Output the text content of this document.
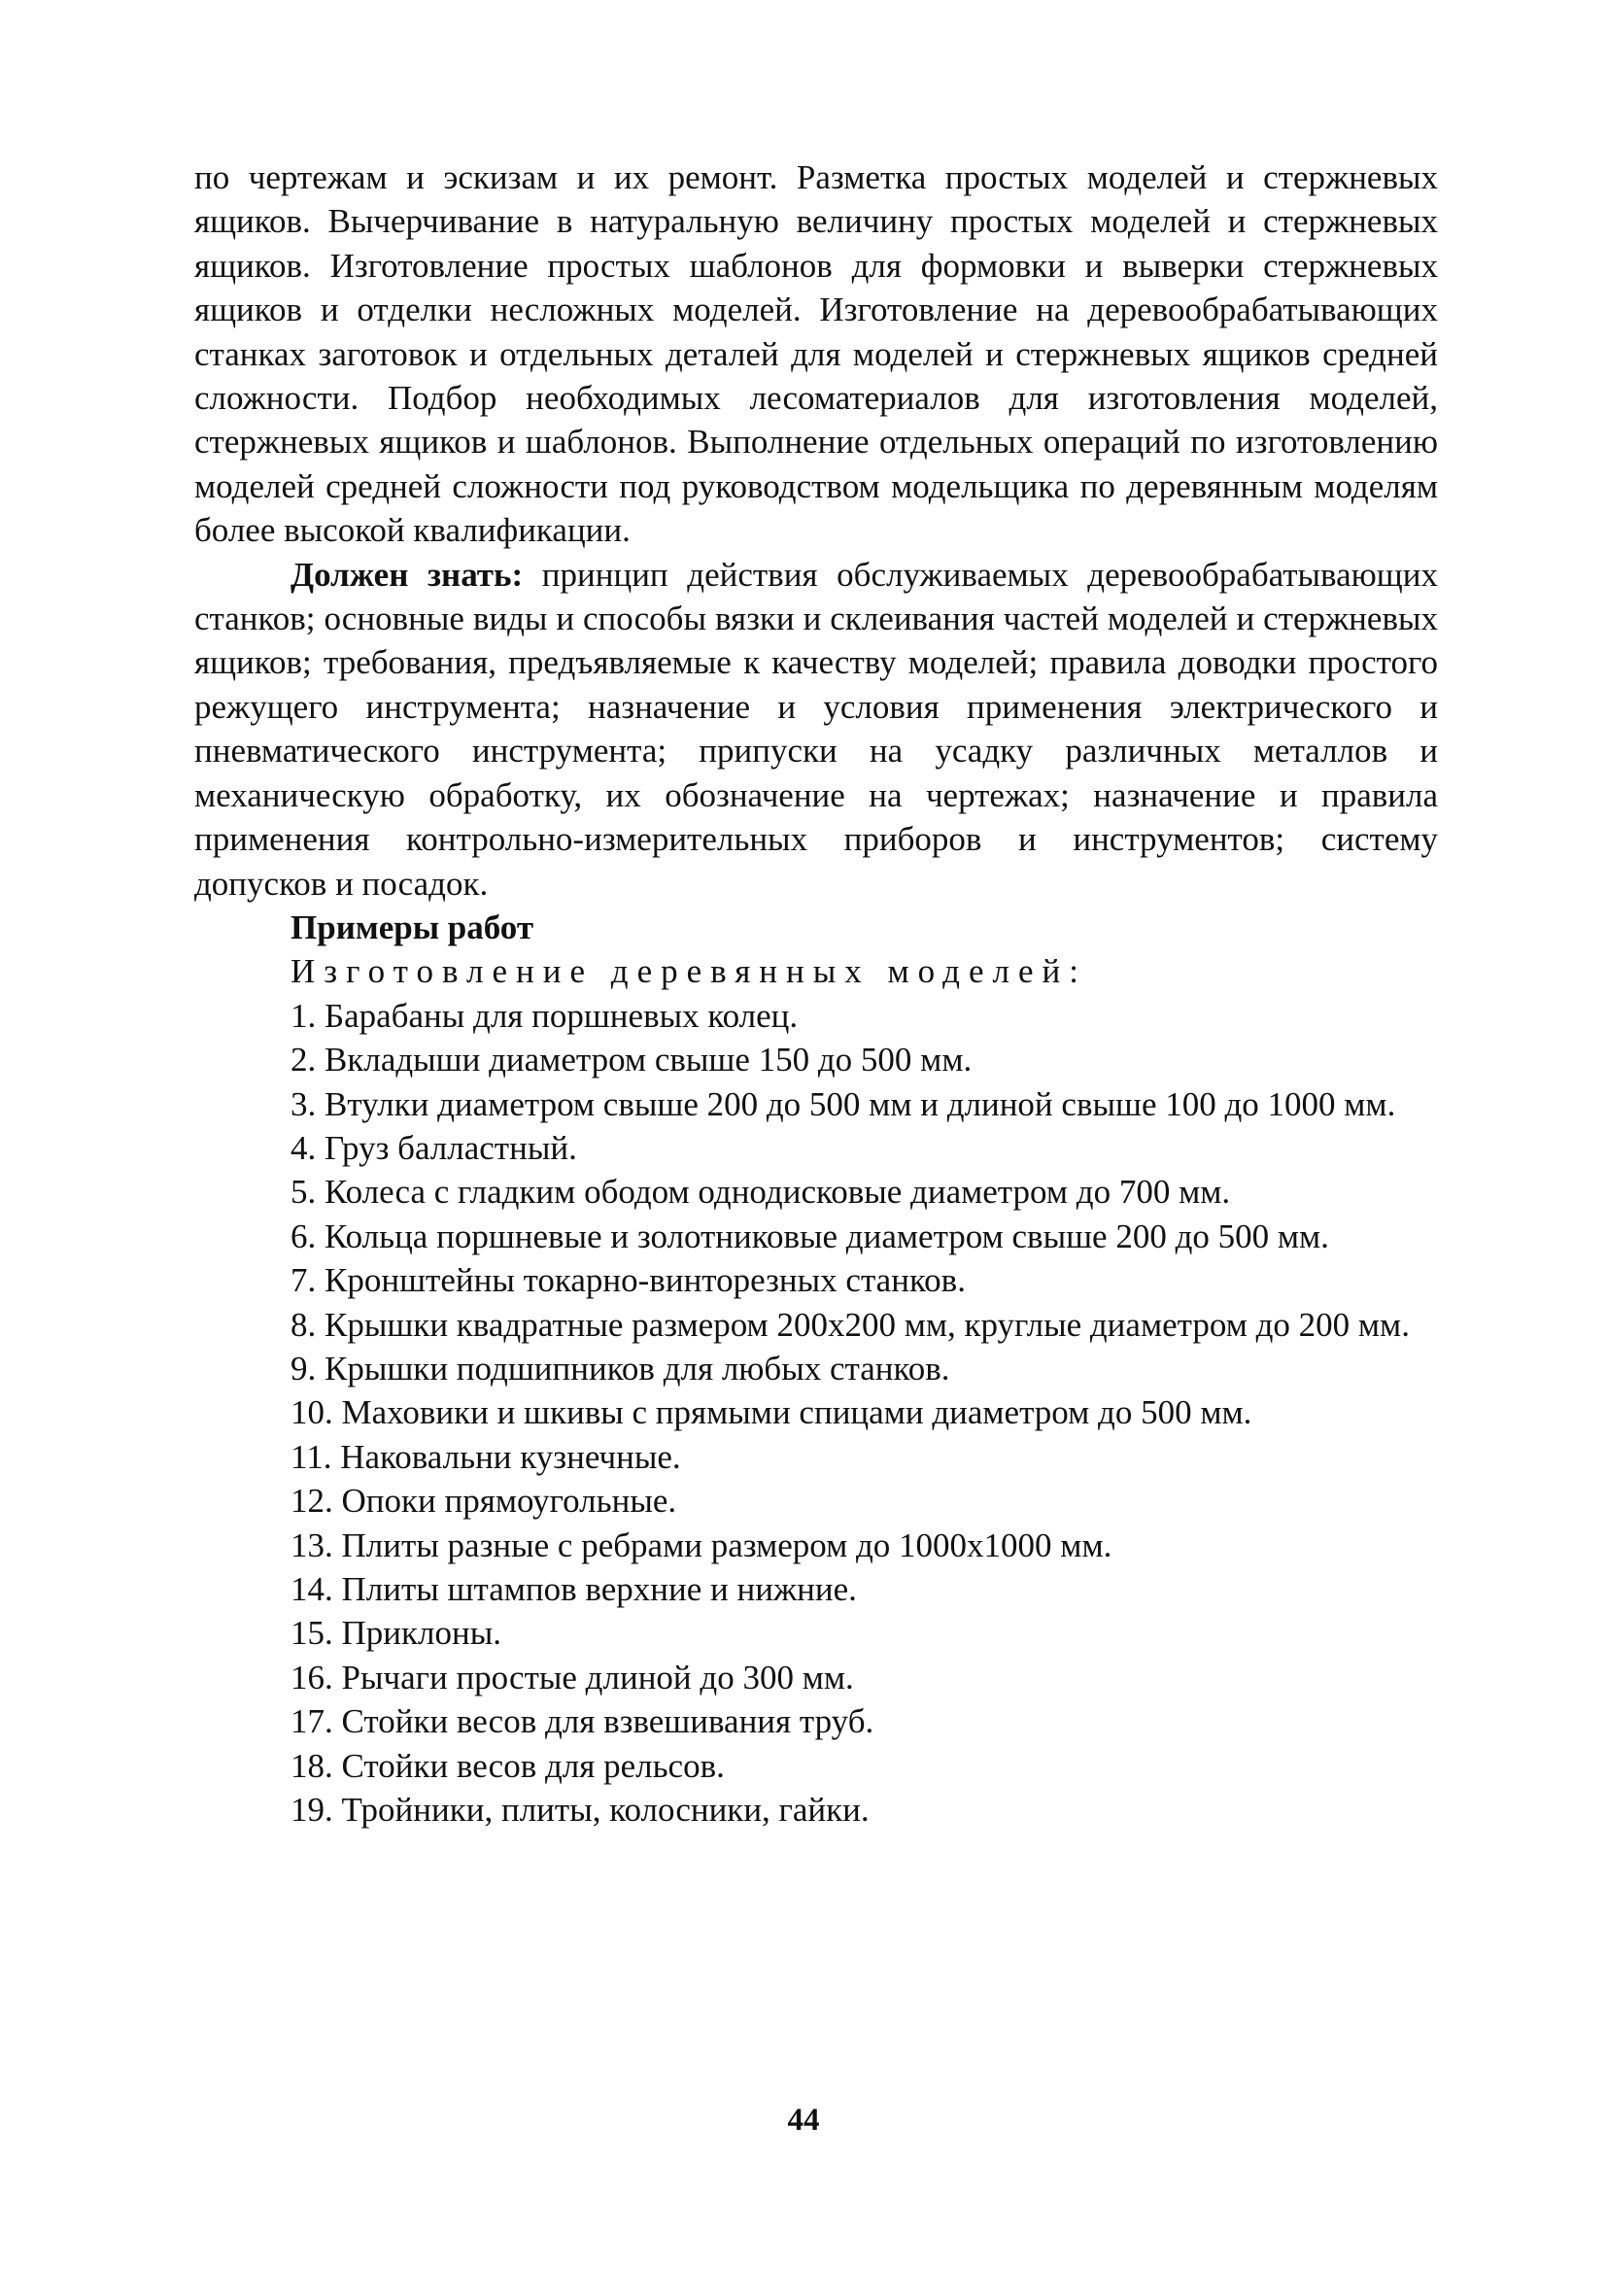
по чертежам и эскизам и их ремонт. Разметка простых моделей и стержневых ящиков. Вычерчивание в натуральную величину простых моделей и стержневых ящиков. Изготовление простых шаблонов для формовки и выверки стержневых ящиков и отделки несложных моделей. Изготовление на деревообрабатывающих станках заготовок и отдельных деталей для моделей и стержневых ящиков средней сложности. Подбор необходимых лесоматериалов для изготовления моделей, стержневых ящиков и шаблонов. Выполнение отдельных операций по изготовлению моделей средней сложности под руководством модельщика по деревянным моделям более высокой квалификации.

Должен знать: принцип действия обслуживаемых деревообрабатывающих станков; основные виды и способы вязки и склеивания частей моделей и стержневых ящиков; требования, предъявляемые к качеству моделей; правила доводки простого режущего инструмента; назначение и условия применения электрического и пневматического инструмента; припуски на усадку различных металлов и механическую обработку, их обозначение на чертежах; назначение и правила применения контрольно-измерительных приборов и инструментов; систему допусков и посадок.

Примеры работ

Изготовление деревянных моделей:

1. Барабаны для поршневых колец.
2. Вкладыши диаметром свыше 150 до 500 мм.
3. Втулки диаметром свыше 200 до 500 мм и длиной свыше 100 до 1000 мм.
4. Груз балластный.
5. Колеса с гладким ободом однодисковые диаметром до 700 мм.
6. Кольца поршневые и золотниковые диаметром свыше 200 до 500 мм.
7. Кронштейны токарно-винторезных станков.
8. Крышки квадратные размером 200х200 мм, круглые диаметром до 200 мм.
9. Крышки подшипников для любых станков.
10. Маховики и шкивы с прямыми спицами диаметром до 500 мм.
11. Наковальни кузнечные.
12. Опоки прямоугольные.
13. Плиты разные с ребрами размером до 1000х1000 мм.
14. Плиты штампов верхние и нижние.
15. Приклоны.
16. Рычаги простые длиной до 300 мм.
17. Стойки весов для взвешивания труб.
18. Стойки весов для рельсов.
19. Тройники, плиты, колосники, гайки.
44
